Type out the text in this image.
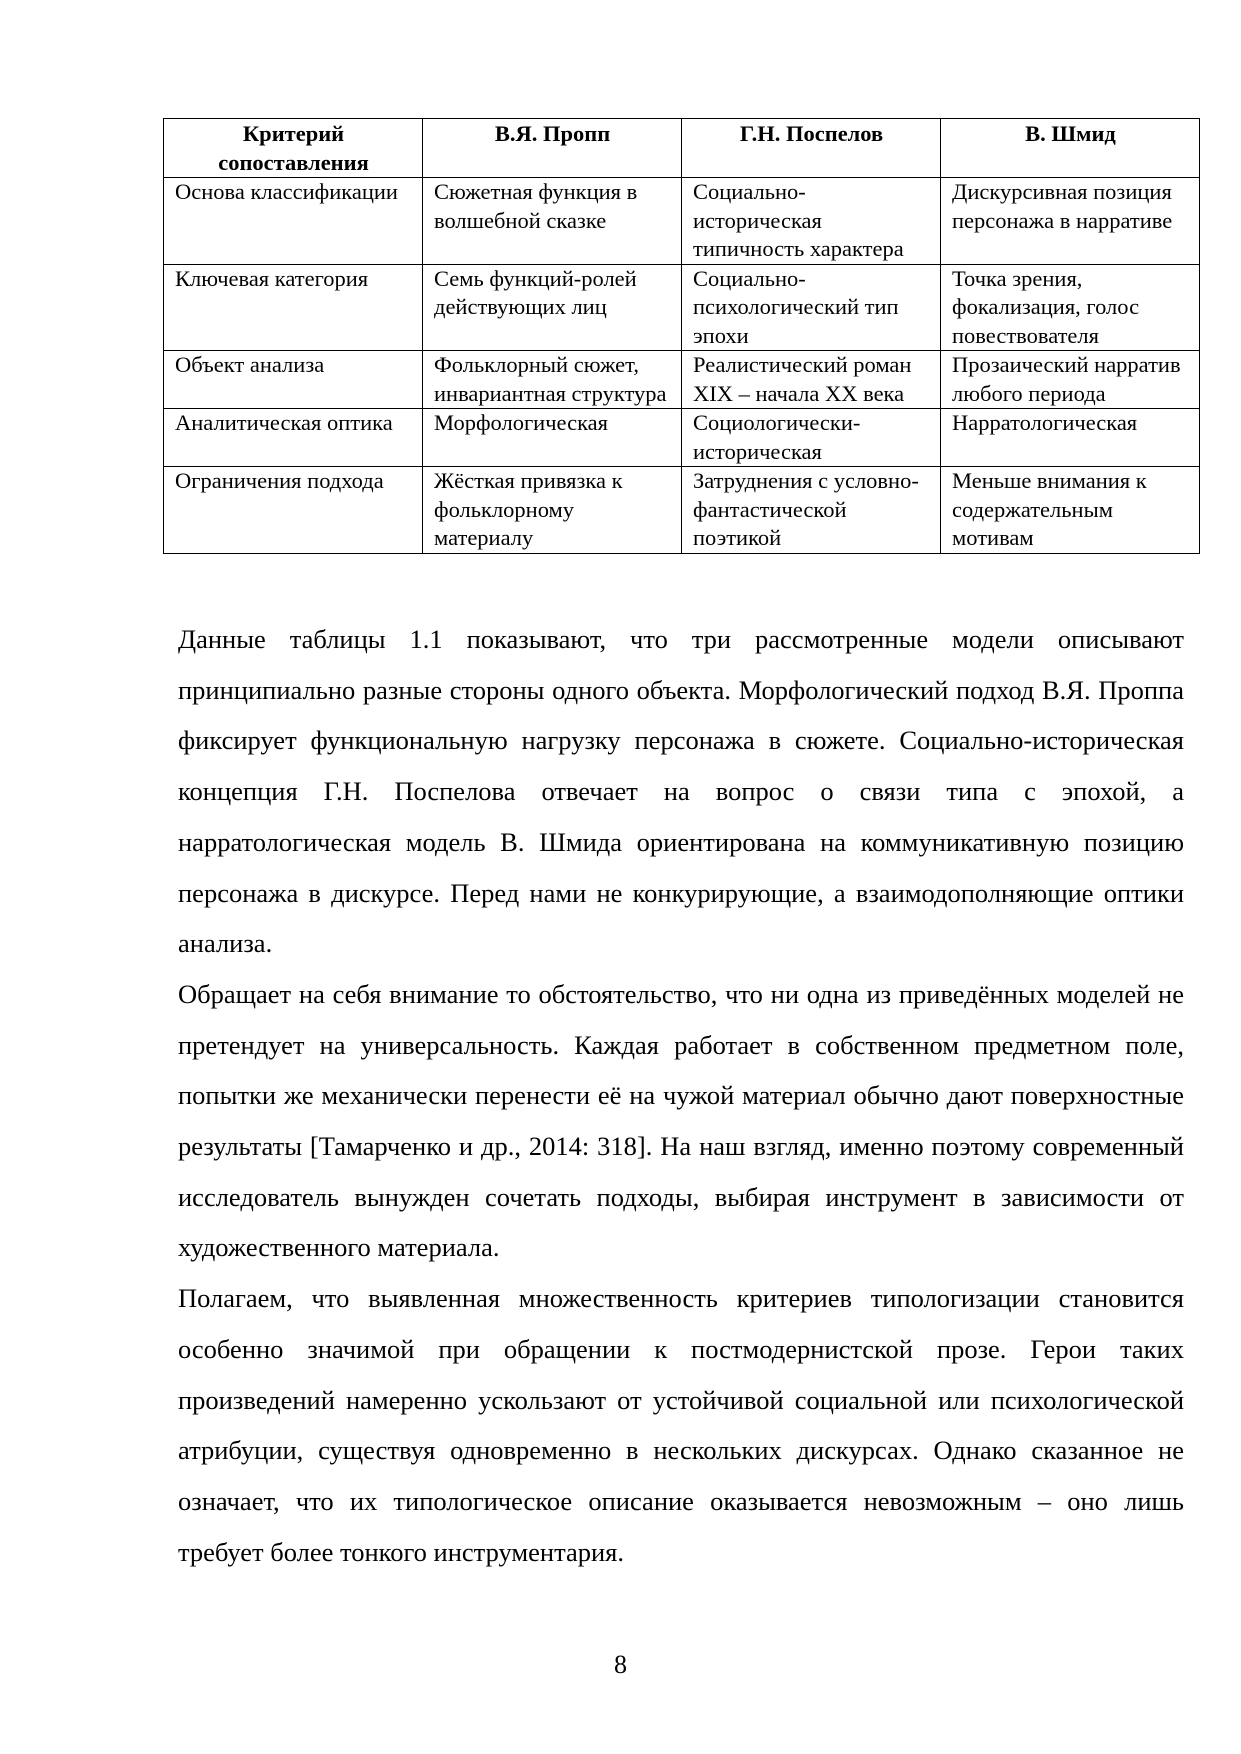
Критерий сопоставления	В.Я. Пропп	Г.Н. Поспелов	В. Шмид
Основа классификации	Сюжетная функция в волшебной сказке	Социально-историческая типичность характера	Дискурсивная позиция персонажа в нарративе
Ключевая категория	Семь функций-ролей действующих лиц	Социально-психологический тип эпохи	Точка зрения, фокализация, голос повествователя
Объект анализа	Фольклорный сюжет, инвариантная структура	Реалистический роман XIX – начала XX века	Прозаический нарратив любого периода
Аналитическая оптика	Морфологическая	Социологически-историческая	Нарратологическая
Ограничения подхода	Жёсткая привязка к фольклорному материалу	Затруднения с условно-фантастической поэтикой	Меньше внимания к содержательным мотивам

Данные таблицы 1.1 показывают, что три рассмотренные модели описывают принципиально разные стороны одного объекта. Морфологический подход В.Я. Проппа фиксирует функциональную нагрузку персонажа в сюжете. Социально-историческая концепция Г.Н. Поспелова отвечает на вопрос о связи типа с эпохой, а нарратологическая модель В. Шмида ориентирована на коммуникативную позицию персонажа в дискурсе. Перед нами не конкурирующие, а взаимодополняющие оптики анализа.

Обращает на себя внимание то обстоятельство, что ни одна из приведённых моделей не претендует на универсальность. Каждая работает в собственном предметном поле, попытки же механически перенести её на чужой материал обычно дают поверхностные результаты [Тамарченко и др., 2014: 318]. На наш взгляд, именно поэтому современный исследователь вынужден сочетать подходы, выбирая инструмент в зависимости от художественного материала.

Полагаем, что выявленная множественность критериев типологизации становится особенно значимой при обращении к постмодернистской прозе. Герои таких произведений намеренно ускользают от устойчивой социальной или психологической атрибуции, существуя одновременно в нескольких дискурсах. Однако сказанное не означает, что их типологическое описание оказывается невозможным – оно лишь требует более тонкого инструментария.

8
